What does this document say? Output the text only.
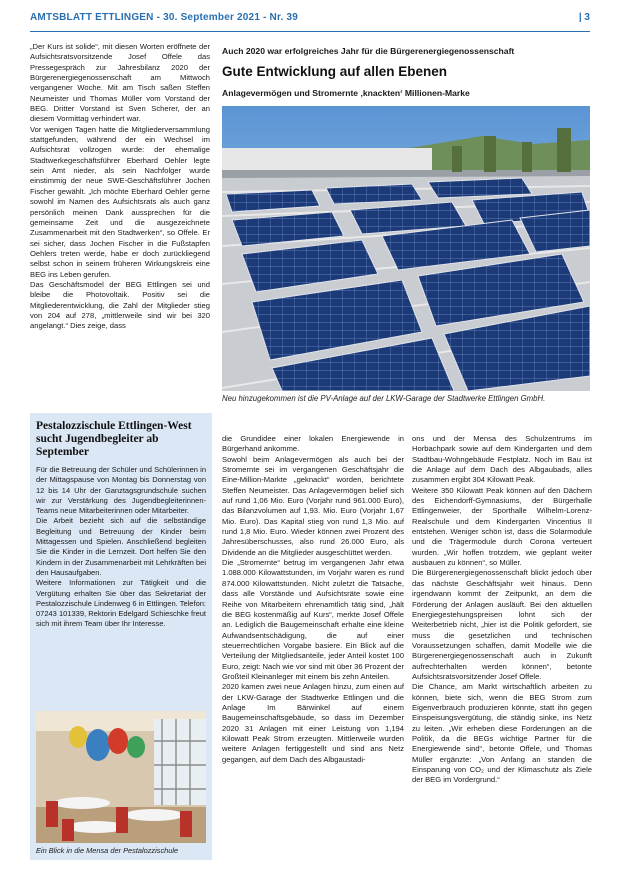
AMTSBLATT ETTLINGEN - 30. September 2021 - Nr. 39	| 3

„Der Kurs ist solide“, mit diesen Worten eröffnete der Aufsichtsratsvorsitzende Josef Offele das Pressegespräch zur Jahresbilanz 2020 der Bürgerenergiegenossenschaft am Mittwoch vergangener Woche. Mit am Tisch saßen Steffen Neumeister und Thomas Müller vom Vorstand der BEG. Dritter Vorstand ist Sven Scherer, der an diesem Vormittag verhindert war.

Vor wenigen Tagen hatte die Mitgliederversammlung stattgefunden, während der ein Wechsel im Aufsichtsrat vollzogen wurde: der ehemalige Stadtwerkegeschäftsführer Eberhard Oehler legte sein Amt nieder, als sein Nachfolger wurde einstimmig der neue SWE-Geschäftsführer Jochen Fischer gewählt. „Ich möchte Eberhard Oehler gerne sowohl im Namen des Aufsichtsrats als auch ganz persönlich meinen Dank aussprechen für die gemeinsame Zeit und die ausgezeichnete Zusammenarbeit mit den Stadtwerken“, so Offele. Er sei sicher, dass Jochen Fischer in die Fußstapfen Oehlers treten werde, habe er doch zurückliegend selbst schon in seinem früheren Wirkungskreis eine BEG ins Leben gerufen.

Das Geschäftsmodel der BEG Ettlingen sei und bleibe die Photovoltaik. Positiv sei die Mitgliederentwicklung, die Zahl der Mitglieder stieg von 204 auf 278, „mittlerweile sind wir bei 320 angelangt.“ Dies zeige, dass

Auch 2020 war erfolgreiches Jahr für die Bürgerenergiegenossenschaft
Gute Entwicklung auf allen Ebenen
Anlagevermögen und Stromernte ‚knackten‘ Millionen-Marke
Neu hinzugekommen ist die PV-Anlage auf der LKW-Garage der Stadtwerke Ettlingen GmbH.

die Grundidee einer lokalen Energiewende in Bürgerhand ankomme.

Sowohl beim Anlagevermögen als auch bei der Stromernte sei im vergangenen Geschäftsjahr die Eine-Million-Markte „geknackt“ worden, berichtete Steffen Neumeister. Das Anlagevermögen belief sich auf rund 1,06 Mio. Euro (Vorjahr rund 961.000 Euro), das Bilanzvolumen auf 1,93. Mio. Euro (Vorjahr 1,67 Mio. Euro). Das Kapital stieg von rund 1,3 Mio. auf rund 1,8 Mio. Euro. Wieder können zwei Prozent des Jahresüberschusses, also rund 26.000 Euro, als Dividende an die Mitglieder ausgeschüttet werden.

Die „Stromernte“ betrug im vergangenen Jahr etwa 1.088.000 Kilowattstunden, im Vorjahr waren es rund 874.000 Kilowattstunden. Nicht zuletzt die Tatsache, dass alle Vorstände und Aufsichtsräte sowie eine Reihe von Mitarbeitern ehrenamtlich tätig sind, „hält die BEG kostenmäßig auf Kurs“, merkte Josef Offele an. Lediglich die Baugemeinschaft erhalte eine kleine Aufwandsentschädigung, die auf einer steuerrechtlichen Vorgabe basiere. Ein Blick auf die Verteilung der Mitgliedsanteile, jeder Anteil kostet 100 Euro, zeigt: Nach wie vor sind mit über 36 Prozent der Großteil Kleinanleger mit einem bis zehn Anteilen.

2020 kamen zwei neue Anlagen hinzu, zum einen auf der LKW-Garage der Stadtwerke Ettlingen und die Anlage Im Bärwinkel auf einem Baugemeinschaftsgebäude, so dass im Dezember 2020 31 Anlagen mit einer Leistung von 1,194 Kilowatt Peak Strom erzeugten. Mittlerweile wurden weitere Anlagen fertiggestellt und sind ans Netz gegangen, auf dem Dach des Albgaustadi-

ons und der Mensa des Schulzentrums im Horbachpark sowie auf dem Kindergarten und dem Stadtbau-Wohngebäude Festplatz. Noch im Bau ist die Anlage auf dem Dach des Albgaubads, alles zusammen ergibt 304 Kilowatt Peak.

Weitere 350 Kilowatt Peak können auf den Dächern des Eichendorff-Gymnasiums, der Bürgerhalle Ettlingenweier, der Sporthalle Wilhelm-Lorenz-Realschule und dem Kindergarten Vincentius II entstehen. Weniger schön ist, dass die Solarmodule und die Trägermodule durch Corona verteuert wurden. „Wir hoffen trotzdem, wie geplant weiter ausbauen zu können“, so Müller.

Die Bürgerenergiegenossenschaft blickt jedoch über das nächste Geschäftsjahr weit hinaus. Denn irgendwann kommt der Zeitpunkt, an dem die Förderung der Anlagen ausläuft. Bei den aktuellen Energiegestehungspreisen lohnt sich der Weiterbetrieb nicht, „hier ist die Politik gefordert, sie muss die gesetzlichen und technischen Voraussetzungen schaffen, damit Modelle wie die Bürgerenergiegenossenschaft auch in Zukunft aufrechterhalten werden können“, betonte Aufsichtsratsvorsitzender Josef Offele.

Die Chance, am Markt wirtschaftlich arbeiten zu können, biete sich, wenn die BEG Strom zum Eigenverbrauch produzieren könnte, statt ihn gegen Einspeisungsvergütung, die ständig sinke, ins Netz zu leiten. „Wir erheben diese Forderungen an die Politik, da die BEGs wichtige Partner für die Energiewende sind“, betonte Offele, und Thomas Müller ergänzte: „Von Anfang an standen die Einsparung von CO₂ und der Klimaschutz als Ziele der BEG im Vordergrund.“

Pestalozzischule Ettlingen-West sucht Jugendbegleiter ab September

Für die Betreuung der Schüler und Schülerinnen in der Mittagspause von Montag bis Donnerstag von 12 bis 14 Uhr der Ganztagsgrundschule suchen wir zur Verstärkung des Jugendbegleiterinnen-Teams neue Mitarbeiterinnen oder Mitarbeiter.

Die Arbeit bezieht sich auf die selbständige Begleitung und Betreuung der Kinder beim Mittagessen und Spielen. Anschließend begleiten Sie die Kinder in die Lernzeit. Dort helfen Sie den Kindern in der Zusammenarbeit mit Lehrkräften bei den Hausaufgaben.

Weitere Informationen zur Tätigkeit und die Vergütung erhalten Sie über das Sekretariat der Pestalozzischule Lindenweg 6 in Ettlingen. Telefon: 07243 101339, Rektorin Edelgard Schieschke freut sich mit ihrem Team über Ihr Interesse.

Ein Blick in die Mensa der Pestalozzischule
